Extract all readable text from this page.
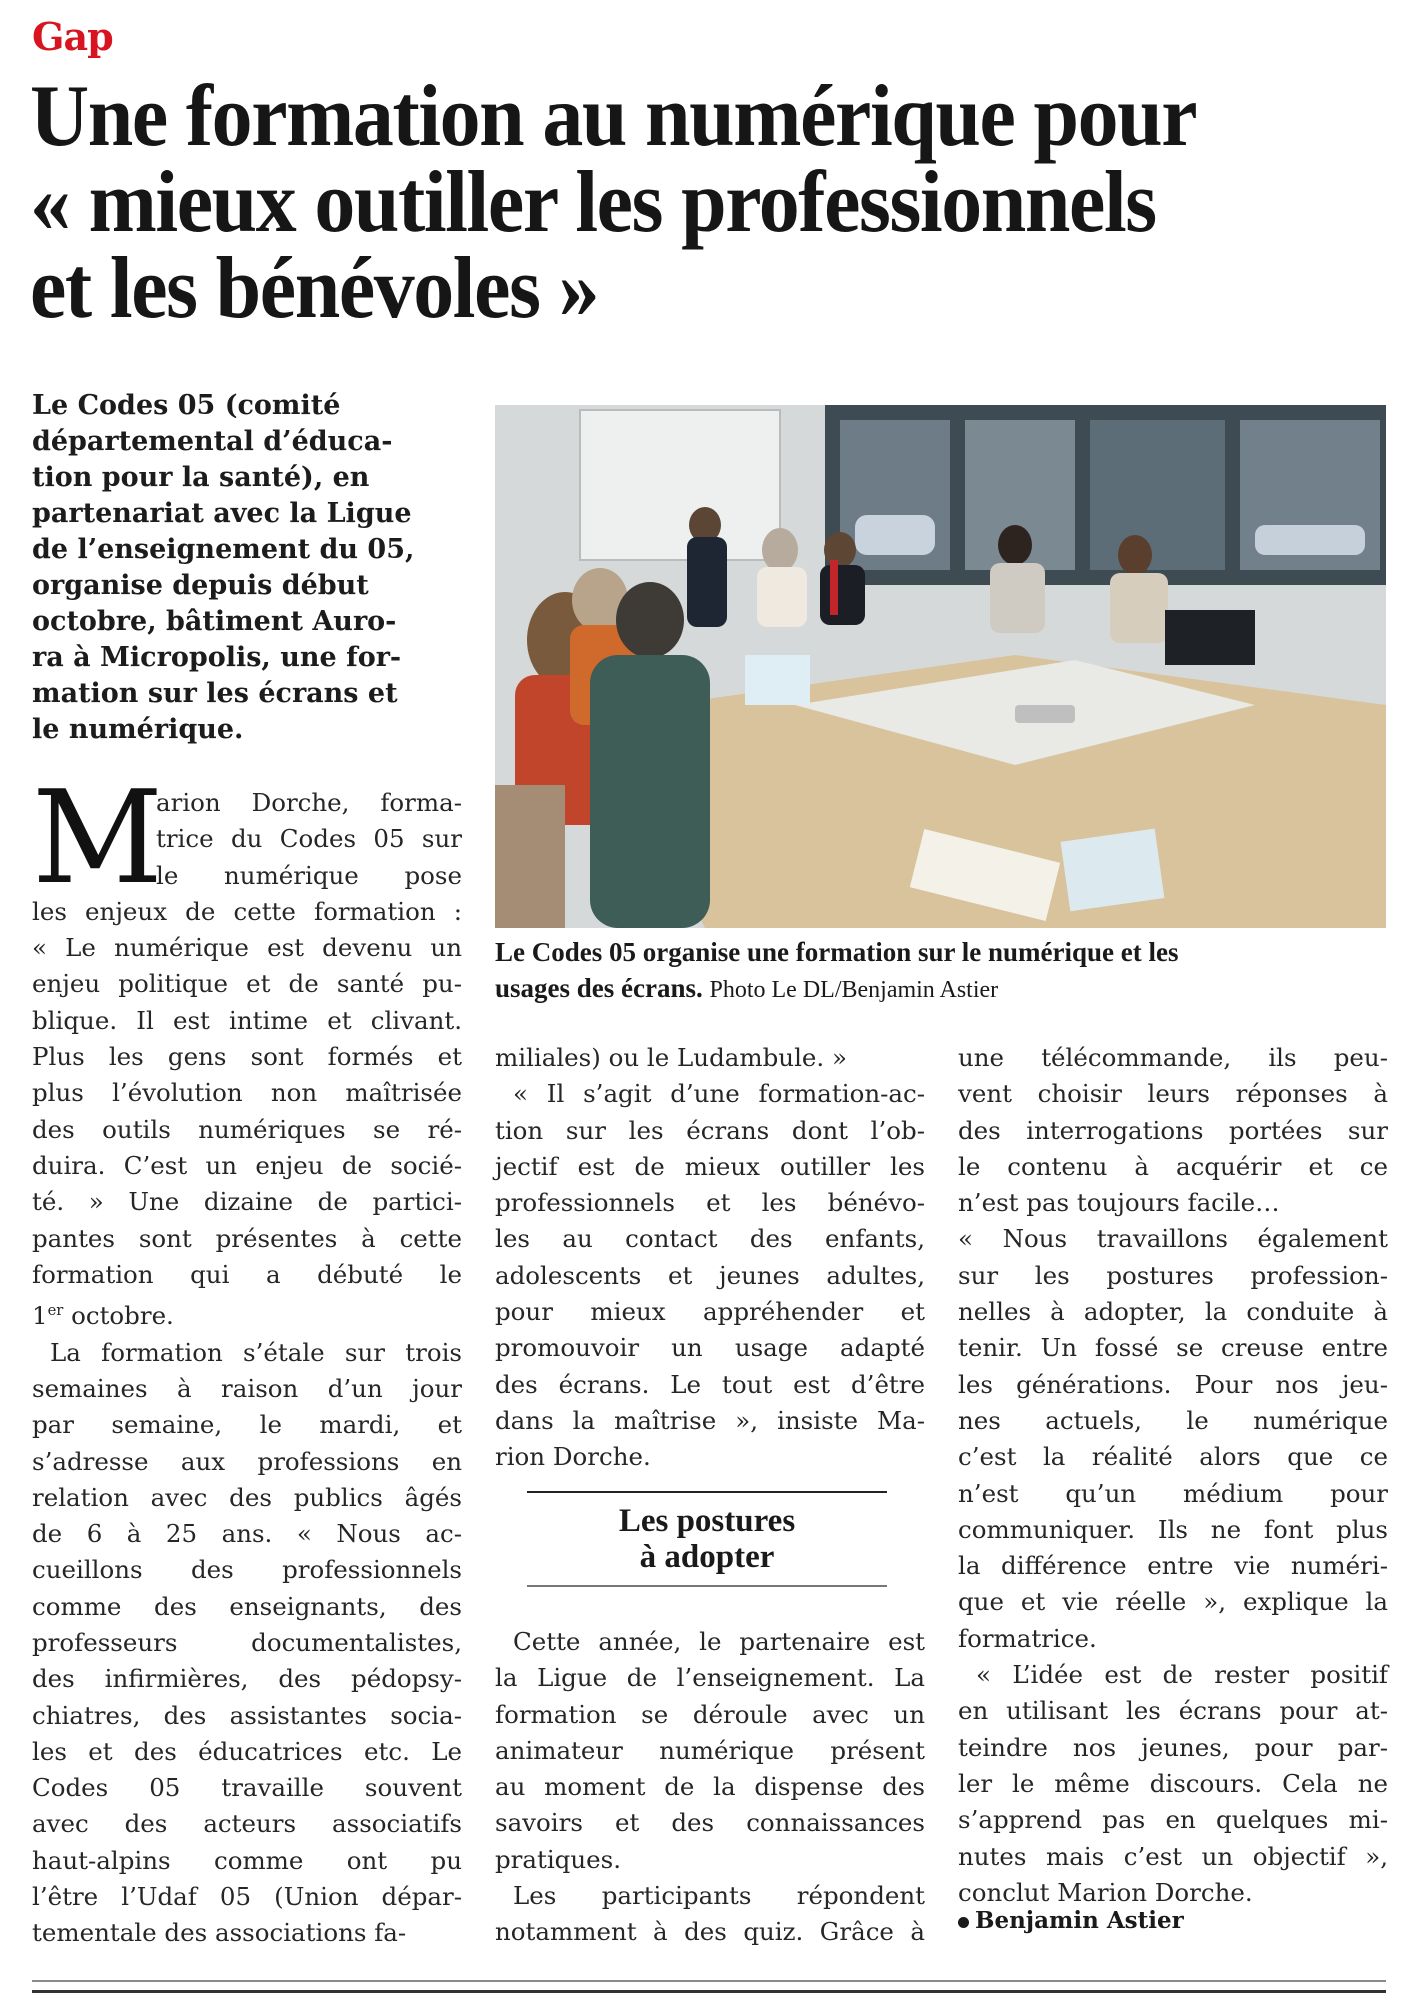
Gap
Une formation au numérique pour
« mieux outiller les professionnels
et les bénévoles »
Le Codes 05 (comité
départemental d’éduca-
tion pour la santé), en
partenariat avec la Ligue
de l’enseignement du 05,
organise depuis début
octobre, bâtiment Auro-
ra à Micropolis, une for-
mation sur les écrans et
le numérique.
Le Codes 05 organise une formation sur le numérique et les
usages des écrans. Photo Le DL/Benjamin Astier
M
arion Dorche, forma-
trice du Codes 05 sur
le numérique pose
les enjeux de cette formation :
« Le numérique est devenu un
enjeu politique et de santé pu-
blique. Il est intime et clivant.
Plus les gens sont formés et
plus l’évolution non maîtrisée
des outils numériques se ré-
duira. C’est un enjeu de socié-
té. » Une dizaine de partici-
pantes sont présentes à cette
formation qui a débuté le
1er octobre.
La formation s’étale sur trois
semaines à raison d’un jour
par semaine, le mardi, et
s’adresse aux professions en
relation avec des publics âgés
de 6 à 25 ans. « Nous ac-
cueillons des professionnels
comme des enseignants, des
professeurs documentalistes,
des infirmières, des pédopsy-
chiatres, des assistantes socia-
les et des éducatrices etc. Le
Codes 05 travaille souvent
avec des acteurs associatifs
haut-alpins comme ont pu
l’être l’Udaf 05 (Union dépar-
tementale des associations fa-
miliales) ou le Ludambule. »
« Il s’agit d’une formation-ac-
tion sur les écrans dont l’ob-
jectif est de mieux outiller les
professionnels et les bénévo-
les au contact des enfants,
adolescents et jeunes adultes,
pour mieux appréhender et
promouvoir un usage adapté
des écrans. Le tout est d’être
dans la maîtrise », insiste Ma-
rion Dorche.
Les postures
à adopter
Cette année, le partenaire est
la Ligue de l’enseignement. La
formation se déroule avec un
animateur numérique présent
au moment de la dispense des
savoirs et des connaissances
pratiques.
Les participants répondent
notamment à des quiz. Grâce à
une télécommande, ils peu-
vent choisir leurs réponses à
des interrogations portées sur
le contenu à acquérir et ce
n’est pas toujours facile…
« Nous travaillons également
sur les postures profession-
nelles à adopter, la conduite à
tenir. Un fossé se creuse entre
les générations. Pour nos jeu-
nes actuels, le numérique
c’est la réalité alors que ce
n’est qu’un médium pour
communiquer. Ils ne font plus
la différence entre vie numéri-
que et vie réelle », explique la
formatrice.
« L’idée est de rester positif
en utilisant les écrans pour at-
teindre nos jeunes, pour par-
ler le même discours. Cela ne
s’apprend pas en quelques mi-
nutes mais c’est un objectif »,
conclut Marion Dorche.
Benjamin Astier
